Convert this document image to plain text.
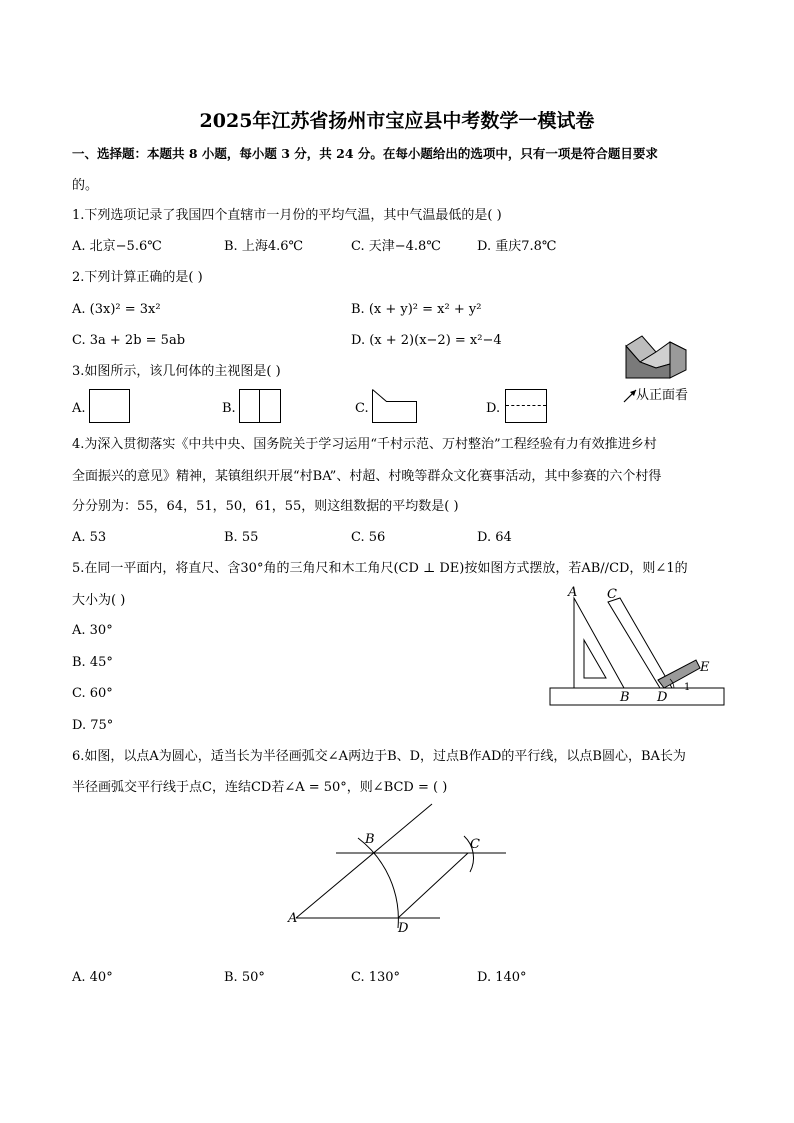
2025年江苏省扬州市宝应县中考数学一模试卷
一、选择题：本题共 8 小题，每小题 3 分，共 24 分。在每小题给出的选项中，只有一项是符合题目要求
的。
1.下列选项记录了我国四个直辖市一月份的平均气温，其中气温最低的是( )
A. 北京−5.6℃	B. 上海4.6℃	C. 天津−4.8℃	D. 重庆7.8℃
2.下列计算正确的是( )
A. (3x)² = 3x²	B. (x + y)² = x² + y²
C. 3a + 2b = 5ab	D. (x + 2)(x−2) = x²−4
从正面看
3.如图所示，该几何体的主视图是( )
A.	B.	C.	D.
4.为深入贯彻落实《中共中央、国务院关于学习运用“千村示范、万村整治”工程经验有力有效推进乡村
全面振兴的意见》精神，某镇组织开展“村BA”、村超、村晚等群众文化赛事活动，其中参赛的六个村得
分分别为：55，64，51，50，61，55，则这组数据的平均数是( )
A. 53	B. 55	C. 56	D. 64
5.在同一平面内，将直尺、含30°角的三角尺和木工角尺(CD ⊥ DE)按如图方式摆放，若AB//CD，则∠1的
大小为( )
A. 30°
B. 45°
C. 60°
D. 75°
A C
E
1
B D
6.如图，以点A为圆心，适当长为半径画弧交∠A两边于B、D，过点B作AD的平行线，以点B圆心，BA长为
半径画弧交平行线于点C，连结CD若∠A = 50°，则∠BCD = ( )
A
B	C
D
A. 40°	B. 50°	C. 130°	D. 140°
